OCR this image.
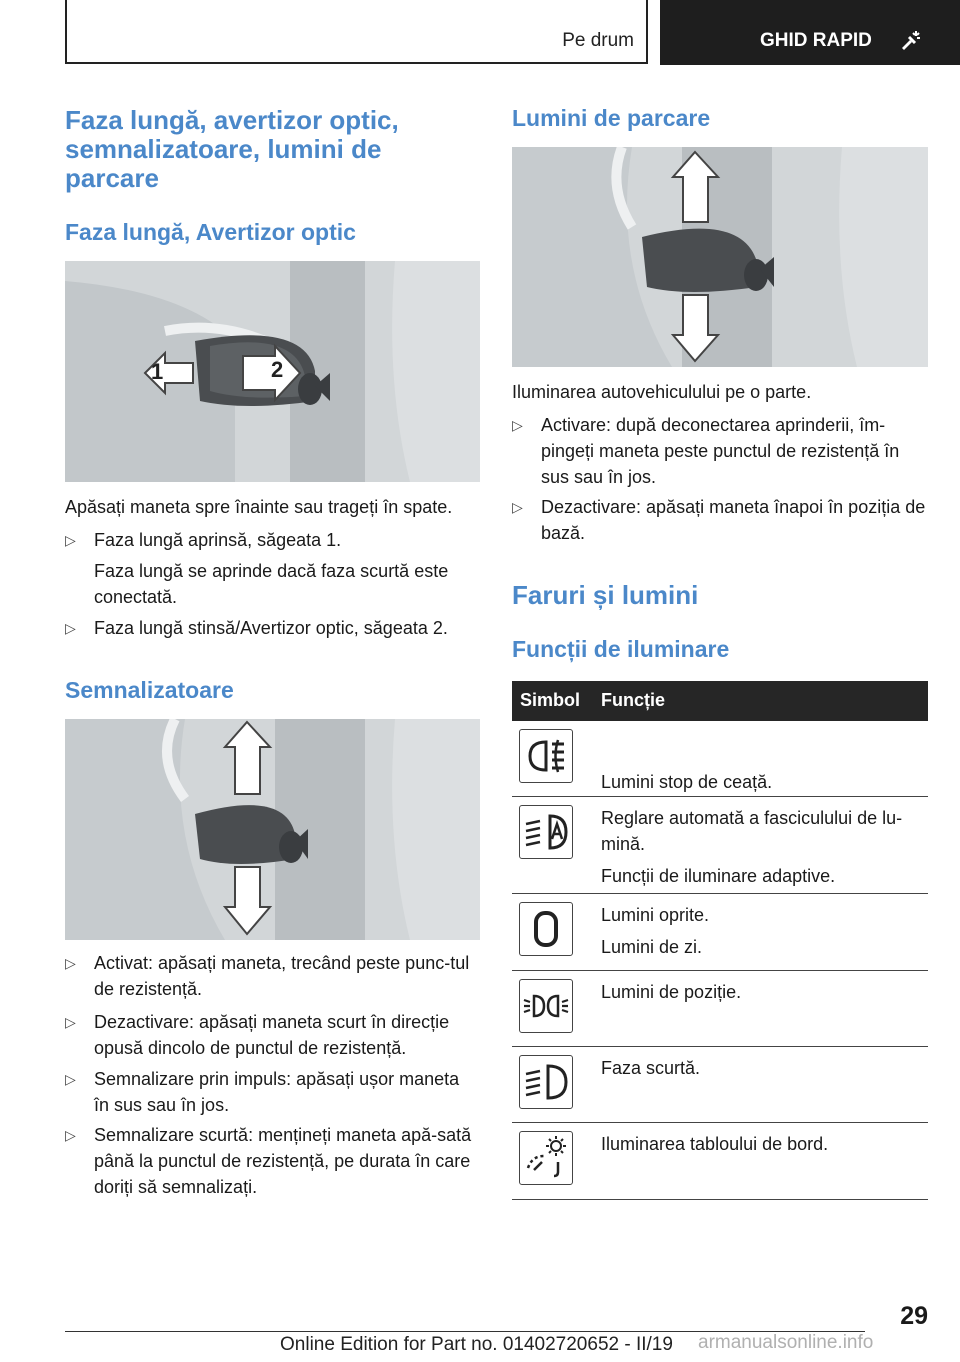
Pe drum	GHID RAPID
Faza lungă, avertizor optic, semnalizatoare, lumini de parcare
Faza lungă, Avertizor optic
1	2

Apăsați maneta spre înainte sau trageți în spate.

▷ Faza lungă aprinsă, săgeata 1.

Faza lungă se aprinde dacă faza scurtă este conectată.

▷ Faza lungă stinsă/Avertizor optic, săgeata 2.
Semnalizatoare
▷ Activat: apăsați maneta, trecând peste punc-tul de rezistență.
▷ Dezactivare: apăsați maneta scurt în direcție opusă dincolo de punctul de rezistență.
▷ Semnalizare prin impuls: apăsați ușor maneta în sus sau în jos.
▷ Semnalizare scurtă: mențineți maneta apă-sată până la punctul de rezistență, pe durata în care doriți să semnalizați.
Lumini de parcare

Iluminarea autovehiculului pe o parte.

▷ Activare: după deconectarea aprinderii, îm-pingeți maneta peste punctul de rezistență în sus sau în jos.
▷ Dezactivare: apăsați maneta înapoi în poziția de bază.
Faruri și lumini
Funcții de iluminare
Simbol Funcție
Lumini stop de ceață.
Reglare automată a fasciculului de lu-mină.
Funcții de iluminare adaptive.
Lumini oprite.
Lumini de zi.
Lumini de poziție.
Faza scurtă.
Iluminarea tabloului de bord.
29
Online Edition for Part no. 01402720652 - II/19 armanualsonline.info
